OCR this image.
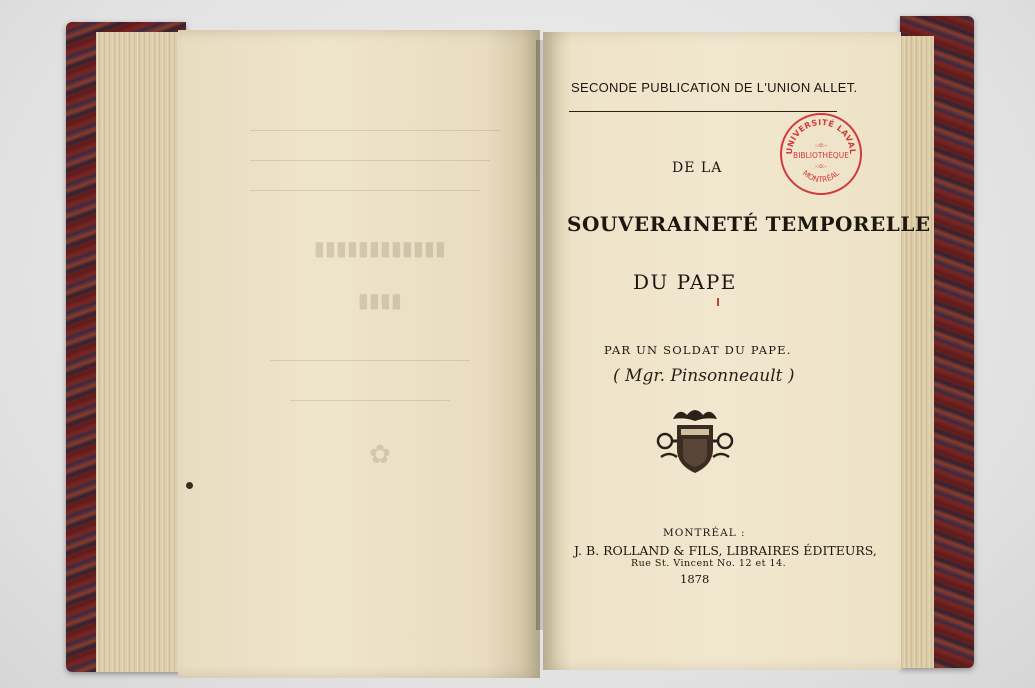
▮▮▮▮▮▮▮▮▮▮▮▮
▮▮▮▮
✿
SECONDE PUBLICATION DE L'UNION ALLET.
UNIVERSITÉ LAVAL
-:o:-
BIBLIOTHÈQUE
-:o:-
MONTRÉAL
DE LA
SOUVERAINETÉ TEMPORELLE
DU PAPE
PAR UN SOLDAT DU PAPE.
( Mgr. Pinsonneault )
MONTRÉAL :
J. B. ROLLAND & FILS, LIBRAIRES ÉDITEURS,
Rue St. Vincent No. 12 et 14.
1878
